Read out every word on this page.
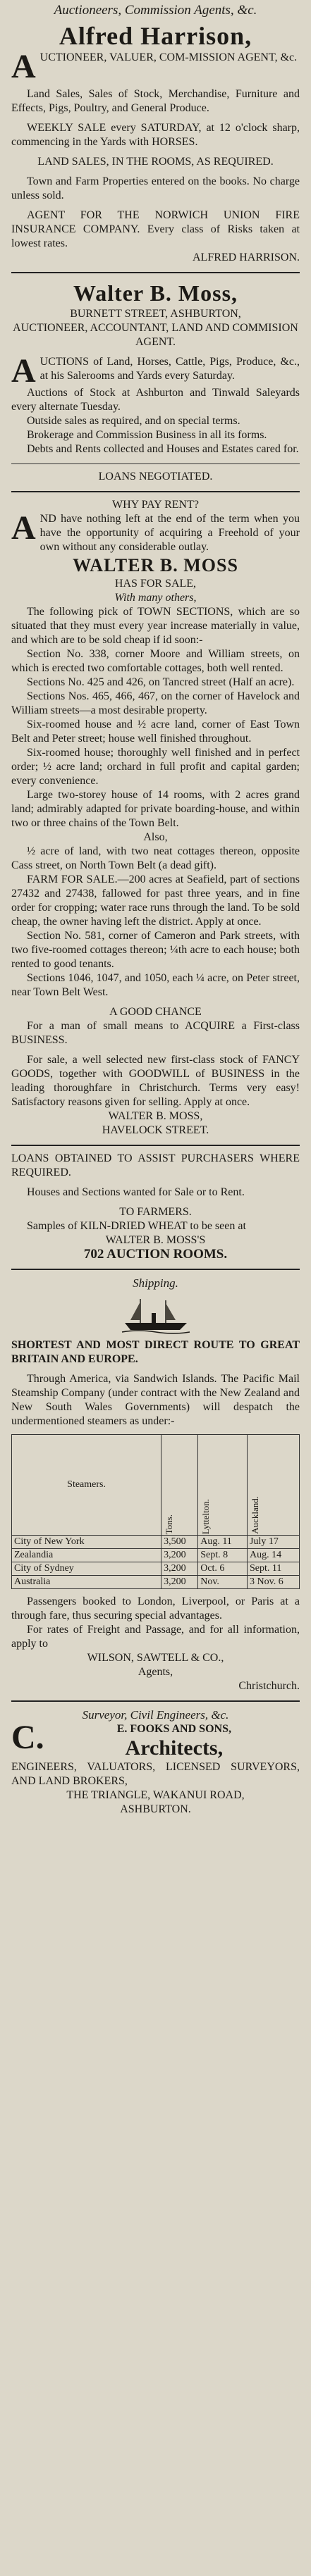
Auctioneers, Commission Agents, &c.
Alfred Harrison,

AUCTIONEER, VALUER, COM-MISSION AGENT, &c.

Land Sales, Sales of Stock, Merchandise, Furniture and Effects, Pigs, Poultry, and General Produce.

WEEKLY SALE every SATURDAY, at 12 o'clock sharp, commencing in the Yards with HORSES.

LAND SALES, IN THE ROOMS, AS REQUIRED.

Town and Farm Properties entered on the books. No charge unless sold.

AGENT FOR THE NORWICH UNION FIRE INSURANCE COMPANY. Every class of Risks taken at lowest rates.

ALFRED HARRISON.

Walter B. Moss,

BURNETT STREET, ASHBURTON,

AUCTIONEER, ACCOUNTANT, LAND AND COMMISION AGENT.

AUCTIONS of Land, Horses, Cattle, Pigs, Produce, &c., at his Salerooms and Yards every Saturday.

Auctions of Stock at Ashburton and Tinwald Saleyards every alternate Tuesday.

Outside sales as required, and on special terms.

Brokerage and Commission Business in all its forms.

Debts and Rents collected and Houses and Estates cared for.

LOANS NEGOTIATED.

WHY PAY RENT?

AND have nothing left at the end of the term when you have the opportunity of acquiring a Freehold of your own without any considerable outlay.

WALTER B. MOSS

HAS FOR SALE,

With many others,

The following pick of TOWN SECTIONS, which are so situated that they must every year increase materially in value, and which are to be sold cheap if id soon:-

Section No. 338, corner Moore and William streets, on which is erected two comfortable cottages, both well rented.

Sections No. 425 and 426, on Tancred street (Half an acre).

Sections Nos. 465, 466, 467, on the corner of Havelock and William streets—a most desirable property.

Six-roomed house and ½ acre land, corner of East Town Belt and Peter street; house well finished throughout.

Six-roomed house; thoroughly well finished and in perfect order; ½ acre land; orchard in full profit and capital garden; every convenience.

Large two-storey house of 14 rooms, with 2 acres grand land; admirably adapted for private boarding-house, and within two or three chains of the Town Belt.

Also,

½ acre of land, with two neat cottages thereon, opposite Cass street, on North Town Belt (a dead gift).

FARM FOR SALE.—200 acres at Seafield, part of sections 27432 and 27438, fallowed for past three years, and in fine order for cropping; water race runs through the land. To be sold cheap, the owner having left the district. Apply at once.

Section No. 581, corner of Cameron and Park streets, with two five-roomed cottages thereon; ¼th acre to each house; both rented to good tenants.

Sections 1046, 1047, and 1050, each ¼ acre, on Peter street, near Town Belt West.

A GOOD CHANCE

For a man of small means to ACQUIRE a First-class BUSINESS.

For sale, a well selected new first-class stock of FANCY GOODS, together with GOODWILL of BUSINESS in the leading thoroughfare in Christchurch. Terms very easy! Satisfactory reasons given for selling. Apply at once.

WALTER B. MOSS,

HAVELOCK STREET.

LOANS OBTAINED TO ASSIST PURCHASERS WHERE REQUIRED.

Houses and Sections wanted for Sale or to Rent.

TO FARMERS.

Samples of KILN-DRIED WHEAT to be seen at

WALTER B. MOSS'S

702 AUCTION ROOMS.

Shipping.

SHORTEST AND MOST DIRECT ROUTE TO GREAT BRITAIN AND EUROPE.

Through America, via Sandwich Islands. The Pacific Mail Steamship Company (under contract with the New Zealand and New South Wales Governments) will despatch the undermentioned steamers as under:-

Steamers.	Tons.	Lyttelton.	Auckland.

City of New York	3,500	Aug. 11	July 17
Zealandia	3,200	Sept. 8	Aug. 14
City of Sydney	3,200	Oct. 6	Sept. 11
Australia	3,200	Nov.	3 Nov. 6

Passengers booked to London, Liverpool, or Paris at a through fare, thus securing special advantages.

For rates of Freight and Passage, and for all information, apply to

WILSON, SAWTELL & CO.,

Agents,

Christchurch.

Surveyor, Civil Engineers, &c.
C.	E. FOOKS AND SONS,

Architects,

ENGINEERS, VALUATORS, LICENSED SURVEYORS, AND LAND BROKERS,

THE TRIANGLE, WAKANUI ROAD,

ASHBURTON.
